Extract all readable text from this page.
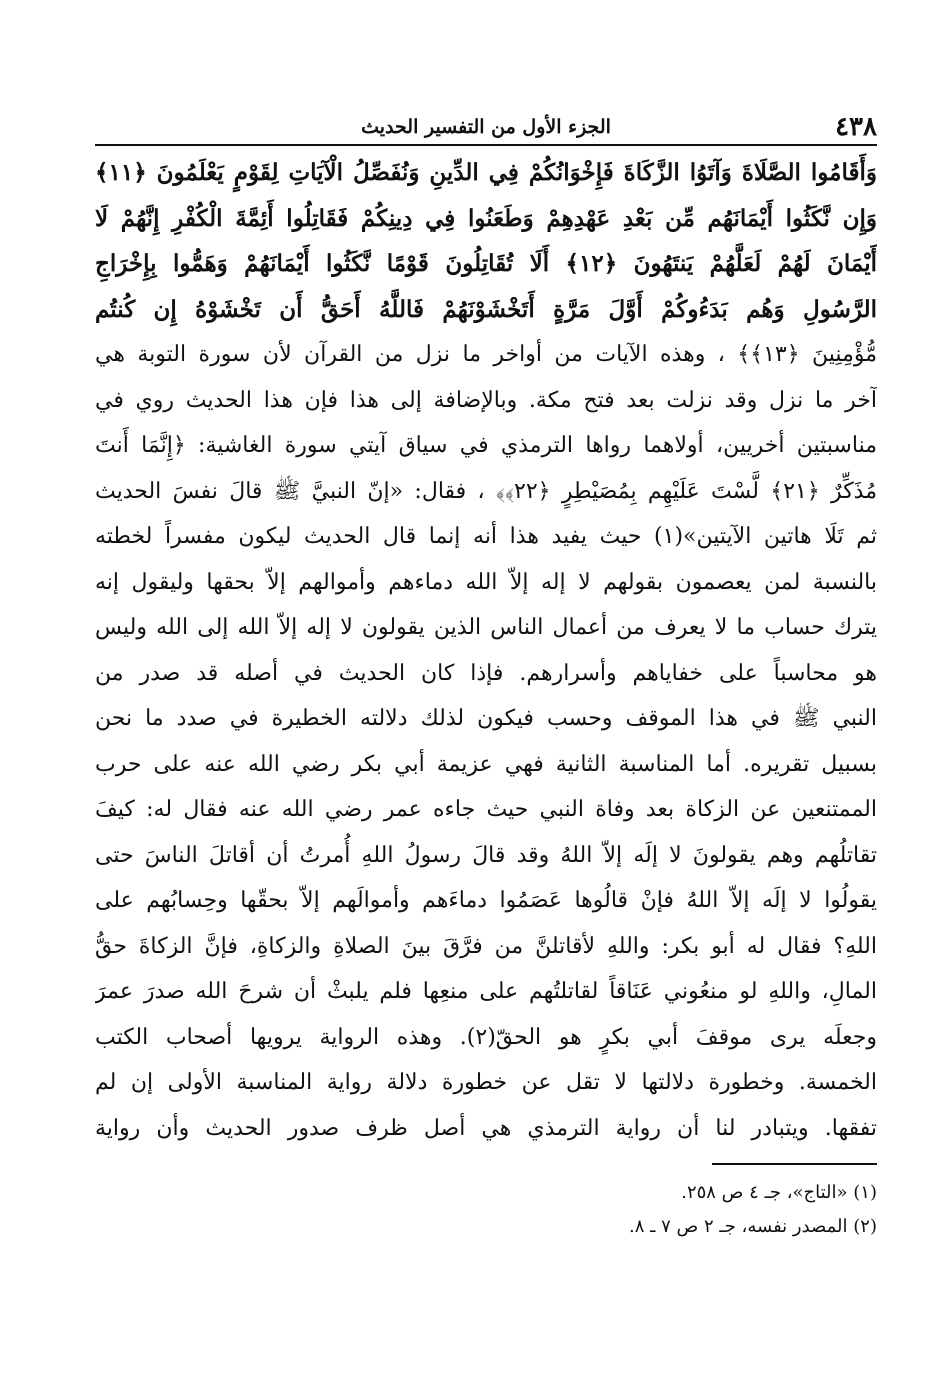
٤٣٨
الجزء الأول من التفسير الحديث
وَأَقَامُوا الصَّلَاةَ وَآتَوُا الزَّكَاةَ فَإِخْوَانُكُمْ فِي الدِّينِ وَنُفَصِّلُ الْآيَاتِ لِقَوْمٍ يَعْلَمُونَ ﴿١١﴾
وَإِن نَّكَثُوا أَيْمَانَهُم مِّن بَعْدِ عَهْدِهِمْ وَطَعَنُوا فِي دِينِكُمْ فَقَاتِلُوا أَئِمَّةَ الْكُفْرِ إِنَّهُمْ لَا
أَيْمَانَ لَهُمْ لَعَلَّهُمْ يَنتَهُونَ ﴿١٢﴾ أَلَا تُقَاتِلُونَ قَوْمًا نَّكَثُوا أَيْمَانَهُمْ وَهَمُّوا بِإِخْرَاجِ
الرَّسُولِ وَهُم بَدَءُوكُمْ أَوَّلَ مَرَّةٍ أَتَخْشَوْنَهُمْ فَاللَّهُ أَحَقُّ أَن تَخْشَوْهُ إِن كُنتُم
مُّؤْمِنِينَ ﴿١٣﴾﴾ ، وهذه الآيات من أواخر ما نزل من القرآن لأن سورة التوبة هي
آخر ما نزل وقد نزلت بعد فتح مكة. وبالإضافة إلى هذا فإن هذا الحديث روي في
مناسبتين أخريين، أولاهما رواها الترمذي في سياق آيتي سورة الغاشية: ﴿إِنَّمَا أَنتَ
مُذَكِّرٌ ﴿٢١﴾ لَّسْتَ عَلَيْهِم بِمُصَيْطِرٍ ﴿٢٢﴾﴾ ، فقال: «إنّ النبيَّ ﷺ قالَ نفسَ الحديث
ثم تَلَا هاتين الآيتين»(١) حيث يفيد هذا أنه إنما قال الحديث ليكون مفسراً لخطته
بالنسبة لمن يعصمون بقولهم لا إله إلاّ الله دماءهم وأموالهم إلاّ بحقها وليقول إنه
يترك حساب ما لا يعرف من أعمال الناس الذين يقولون لا إله إلاّ الله إلى الله وليس
هو محاسباً على خفاياهم وأسرارهم. فإذا كان الحديث في أصله قد صدر من
النبي ﷺ في هذا الموقف وحسب فيكون لذلك دلالته الخطيرة في صدد ما نحن
بسبيل تقريره. أما المناسبة الثانية فهي عزيمة أبي بكر رضي الله عنه على حرب
الممتنعين عن الزكاة بعد وفاة النبي حيث جاءه عمر رضي الله عنه فقال له: كيفَ
تقاتلُهم وهم يقولونَ لا إلَه إلاّ اللهُ وقد قالَ رسولُ اللهِ أُمرتُ أن أقاتلَ الناسَ حتى
يقولُوا لا إلَه إلاّ اللهُ فإنْ قالُوها عَصَمُوا دماءَهم وأموالَهم إلاّ بحقّها وحِسابُهم على
اللهِ؟ فقال له أبو بكر: واللهِ لأقاتلنَّ من فرَّقَ بينَ الصلاةِ والزكاةِ، فإنَّ الزكاةَ حقُّ
المالِ، واللهِ لو منعُوني عَنَاقاً لقاتلتُهم على منعِها فلم يلبثْ أن شرحَ الله صدرَ عمرَ
وجعلَه يرى موقفَ أبي بكرٍ هو الحقّ(٢). وهذه الرواية يرويها أصحاب الكتب
الخمسة. وخطورة دلالتها لا تقل عن خطورة دلالة رواية المناسبة الأولى إن لم
تفقها. ويتبادر لنا أن رواية الترمذي هي أصل ظرف صدور الحديث وأن رواية
(١) «التاج»، جـ ٤ ص ٢٥٨.
(٢) المصدر نفسه، جـ ٢ ص ٧ ـ ٨.
